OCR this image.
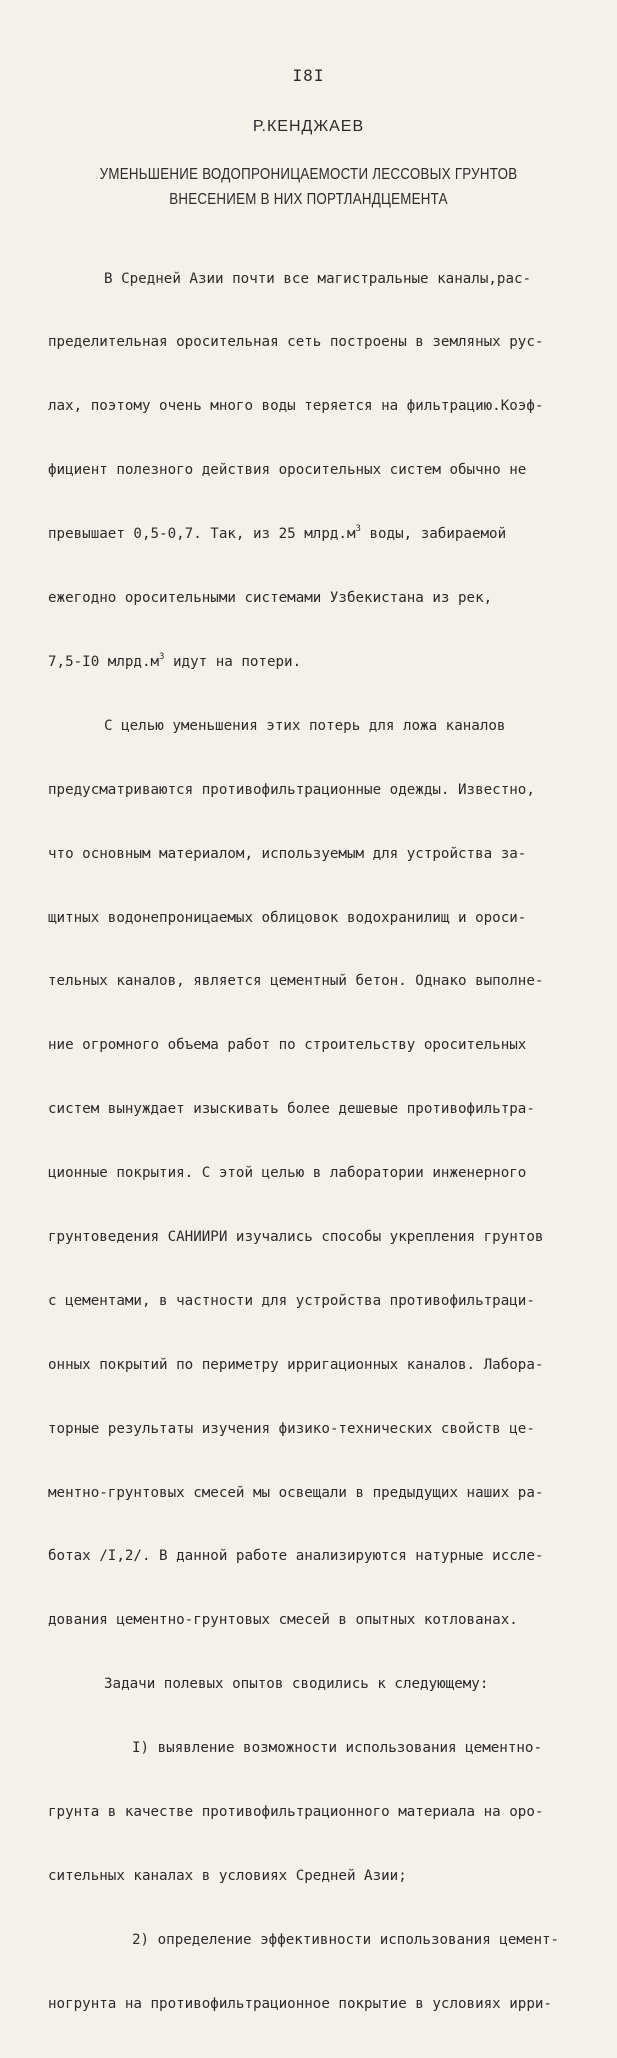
I8I
Р.КЕНДЖАЕВ
УМЕНЬШЕНИЕ ВОДОПРОНИЦАЕМОСТИ ЛЕССОВЫХ ГРУНТОВ
ВНЕСЕНИЕМ В НИХ ПОРТЛАНДЦЕМЕНТА

В Средней Азии почти все магистральные каналы,рас-

пределительная оросительная сеть построены в земляных рус-

лах, поэтому очень много воды теряется на фильтрацию.Коэф-

фициент полезного действия оросительных систем обычно не

превышает 0,5-0,7. Так, из 25 $млрд.м^3$ воды, забираемой

ежегодно оросительными системами Узбекистана из рек,

7,5-I0 $млрд.м^3$ идут на потери.

С целью уменьшения этих потерь для ложа каналов

предусматриваются противофильтрационные одежды. Известно,

что основным материалом, используемым для устройства за-

щитных водонепроницаемых облицовок водохранилищ и ороси-

тельных каналов, является цементный бетон. Однако выполне-

ние огромного объема работ по строительству оросительных

систем вынуждает изыскивать более дешевые противофильтра-

ционные покрытия. С этой целью в лаборатории инженерного

грунтоведения САНИИРИ изучались способы укрепления грунтов

с цементами, в частности для устройства противофильтраци-

онных покрытий по периметру ирригационных каналов. Лабора-

торные результаты изучения физико-технических свойств це-

ментно-грунтовых смесей мы освещали в предыдущих наших ра-

ботах /I,2/. В данной работе анализируются натурные иссле-

дования цементно-грунтовых смесей в опытных котлованах.

Задачи полевых опытов сводились к следующему:

I) выявление возможности использования цементно-

грунта в качестве противофильтрационного материала на оро-

сительных каналах в условиях Средней Азии;

2) определение эффективности использования цемент-

ногрунта на противофильтрационное покрытие в условиях ирри-
